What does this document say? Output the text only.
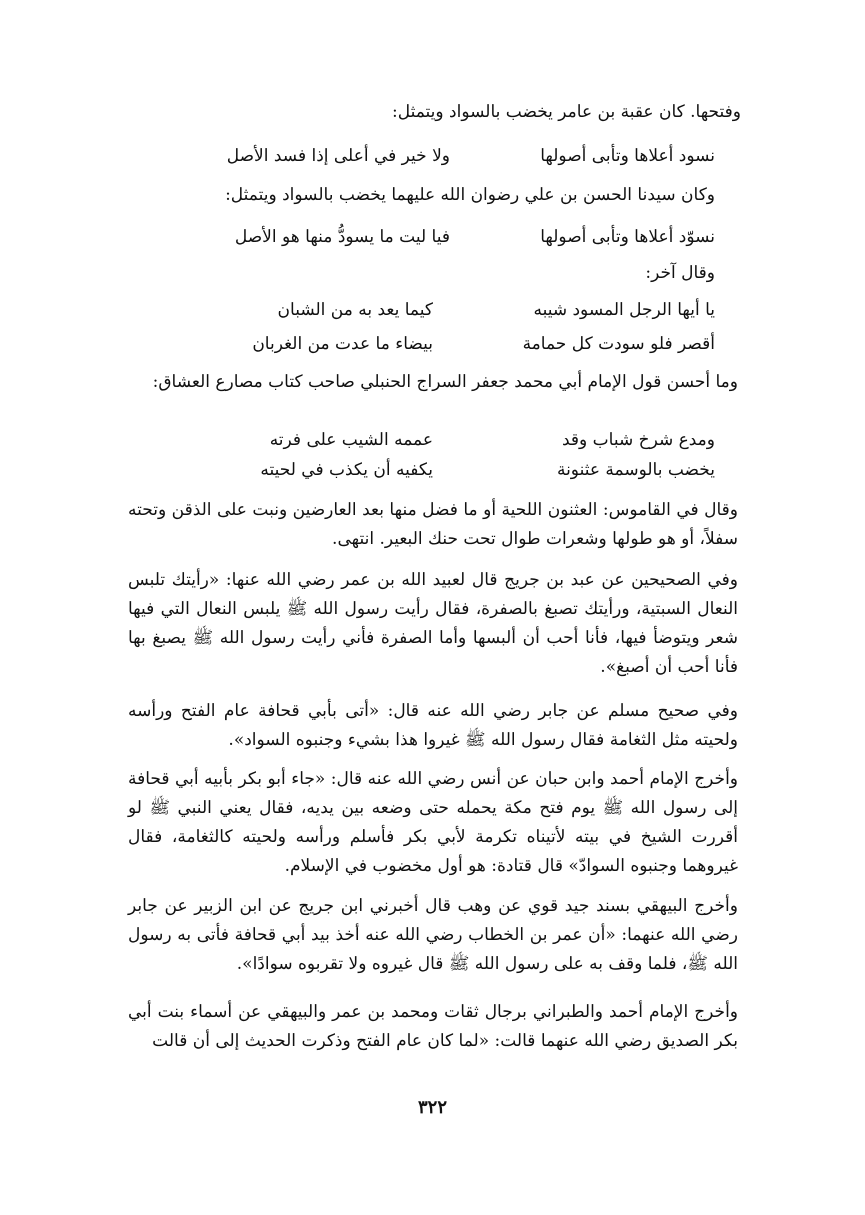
وفتحها. كان عقبة بن عامر يخضب بالسواد ويتمثل:
نسود أعلاها وتأبى أصولها
ولا خير في أعلى إذا فسد الأصل
وكان سيدنا الحسن بن علي رضوان الله عليهما يخضب بالسواد ويتمثل:
نسوّد أعلاها وتأبى أصولها
فيا ليت ما يسودُّ منها هو الأصل
وقال آخر:
يا أيها الرجل المسود شيبه
كيما يعد به من الشبان
أقصر فلو سودت كل حمامة
بيضاء ما عدت من الغربان
وما أحسن قول الإمام أبي محمد جعفر السراج الحنبلي صاحب كتاب مصارع العشاق:
ومدع شرخ شباب وقد
عممه الشيب على فرته
يخضب بالوسمة عثنونة
يكفيه أن يكذب في لحيته
وقال في القاموس: العثنون اللحية أو ما فضل منها بعد العارضين ونبت على الذقن وتحته سفلاً، أو هو طولها وشعرات طوال تحت حنك البعير. انتهى.
وفي الصحيحين عن عبد بن جريج قال لعبيد الله بن عمر رضي الله عنها: «رأيتك تلبس النعال السبتية، ورأيتك تصبغ بالصفرة، فقال رأيت رسول الله ﷺ يلبس النعال التي فيها شعر ويتوضأ فيها، فأنا أحب أن ألبسها وأما الصفرة فأني رأيت رسول الله ﷺ يصبغ بها فأنا أحب أن أصبغ».
وفي صحيح مسلم عن جابر رضي الله عنه قال: «أتى بأبي قحافة عام الفتح ورأسه ولحيته مثل الثغامة فقال رسول الله ﷺ غيروا هذا بشيء وجنبوه السواد».
وأخرج الإمام أحمد وابن حبان عن أنس رضي الله عنه قال: «جاء أبو بكر بأبيه أبي قحافة إلى رسول الله ﷺ يوم فتح مكة يحمله حتى وضعه بين يديه، فقال يعني النبي ﷺ لو أقررت الشيخ في بيته لأتيناه تكرمة لأبي بكر فأسلم ورأسه ولحيته كالثغامة، فقال غيروهما وجنبوه السوادّ» قال قتادة: هو أول مخضوب في الإسلام.
وأخرج البيهقي بسند جيد قوي عن وهب قال أخبرني ابن جريج عن ابن الزبير عن جابر رضي الله عنهما: «أن عمر بن الخطاب رضي الله عنه أخذ بيد أبي قحافة فأتى به رسول الله ﷺ، فلما وقف به على رسول الله ﷺ قال غيروه ولا تقربوه سوادًا».
وأخرج الإمام أحمد والطبراني برجال ثقات ومحمد بن عمر والبيهقي عن أسماء بنت أبي بكر الصديق رضي الله عنهما قالت: «لما كان عام الفتح وذكرت الحديث إلى أن قالت
٣٢٢
